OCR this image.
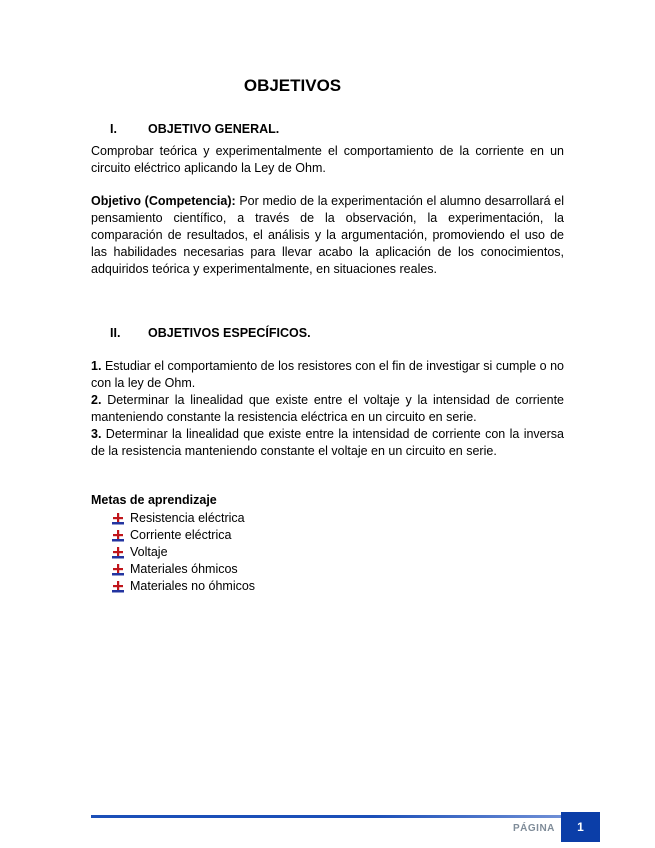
OBJETIVOS
I. OBJETIVO GENERAL.
Comprobar teórica y experimentalmente el comportamiento de la corriente en un circuito eléctrico aplicando la Ley de Ohm.
Objetivo (Competencia): Por medio de la experimentación el alumno desarrollará el pensamiento científico, a través de la observación, la experimentación, la comparación de resultados, el análisis y la argumentación, promoviendo el uso de las habilidades necesarias para llevar acabo la aplicación de los conocimientos, adquiridos teórica y experimentalmente, en situaciones reales.
II. OBJETIVOS ESPECÍFICOS.
1. Estudiar el comportamiento de los resistores con el fin de investigar si cumple o no con la ley de Ohm.
2. Determinar la linealidad que existe entre el voltaje y la intensidad de corriente manteniendo constante la resistencia eléctrica en un circuito en serie.
3. Determinar la linealidad que existe entre la intensidad de corriente con la inversa de la resistencia manteniendo constante el voltaje en un circuito en serie.
Metas de aprendizaje
Resistencia eléctrica
Corriente eléctrica
Voltaje
Materiales óhmicos
Materiales no óhmicos
PÁGINA 1
